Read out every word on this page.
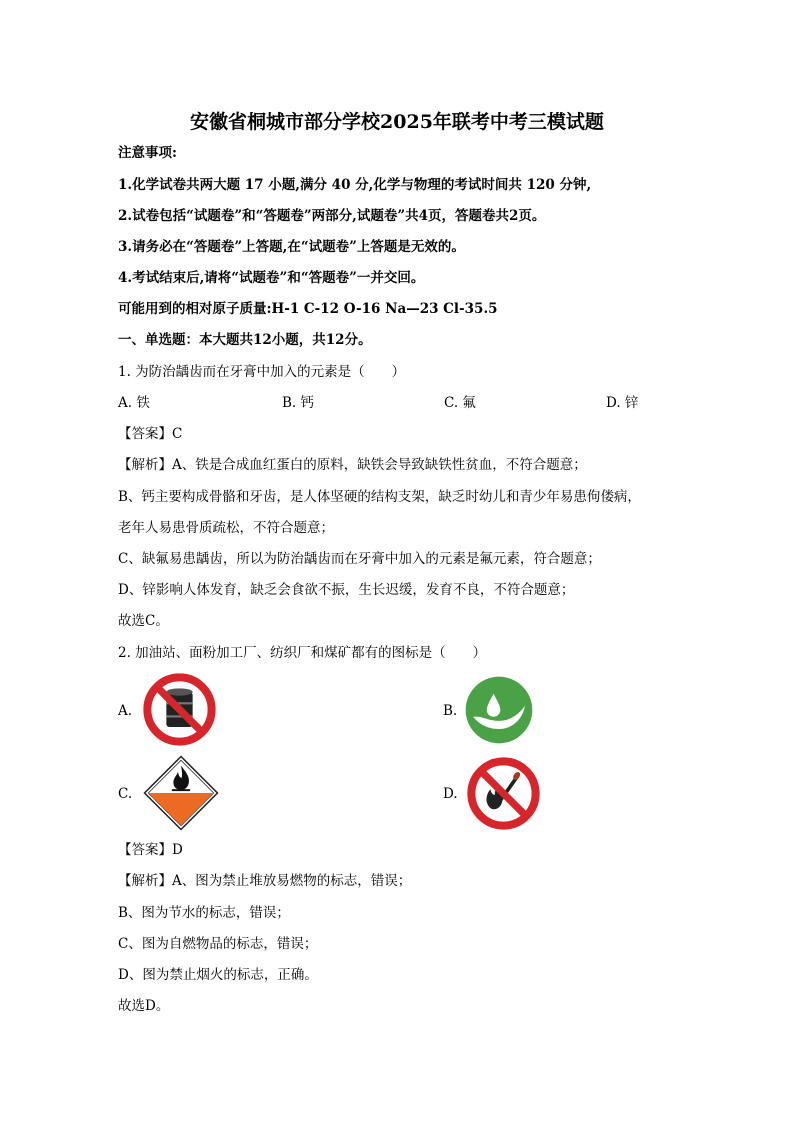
安徽省桐城市部分学校2025年联考中考三模试题
注意事项:
1.化学试卷共两大题 17 小题,满分 40 分,化学与物理的考试时间共 120 分钟,
2.试卷包括“试题卷”和“答题卷”两部分,试题卷”共4页，答题卷共2页。
3.请务必在“答题卷”上答题,在“试题卷”上答题是无效的。
4.考试结束后,请将“试题卷”和“答题卷”一并交回。
可能用到的相对原子质量:H-1 C-12 O-16 Na—23 Cl-35.5
一、单选题：本大题共12小题，共12分。
1. 为防治龋齿而在牙膏中加入的元素是（　　）
A. 铁	B. 钙	C. 氟	D. 锌
【答案】C
【解析】A、铁是合成血红蛋白的原料，缺铁会导致缺铁性贫血，不符合题意；
B、钙主要构成骨骼和牙齿，是人体坚硬的结构支架，缺乏时幼儿和青少年易患佝偻病，
老年人易患骨质疏松，不符合题意；
C、缺氟易患龋齿，所以为防治龋齿而在牙膏中加入的元素是氟元素，符合题意；
D、锌影响人体发育，缺乏会食欲不振，生长迟缓，发育不良，不符合题意；
故选C。
2. 加油站、面粉加工厂、纺织厂和煤矿都有的图标是（　　）
A.	B.
C.	D.
【答案】D
【解析】A、图为禁止堆放易燃物的标志，错误；
B、图为节水的标志，错误；
C、图为自燃物品的标志，错误；
D、图为禁止烟火的标志，正确。
故选D。
